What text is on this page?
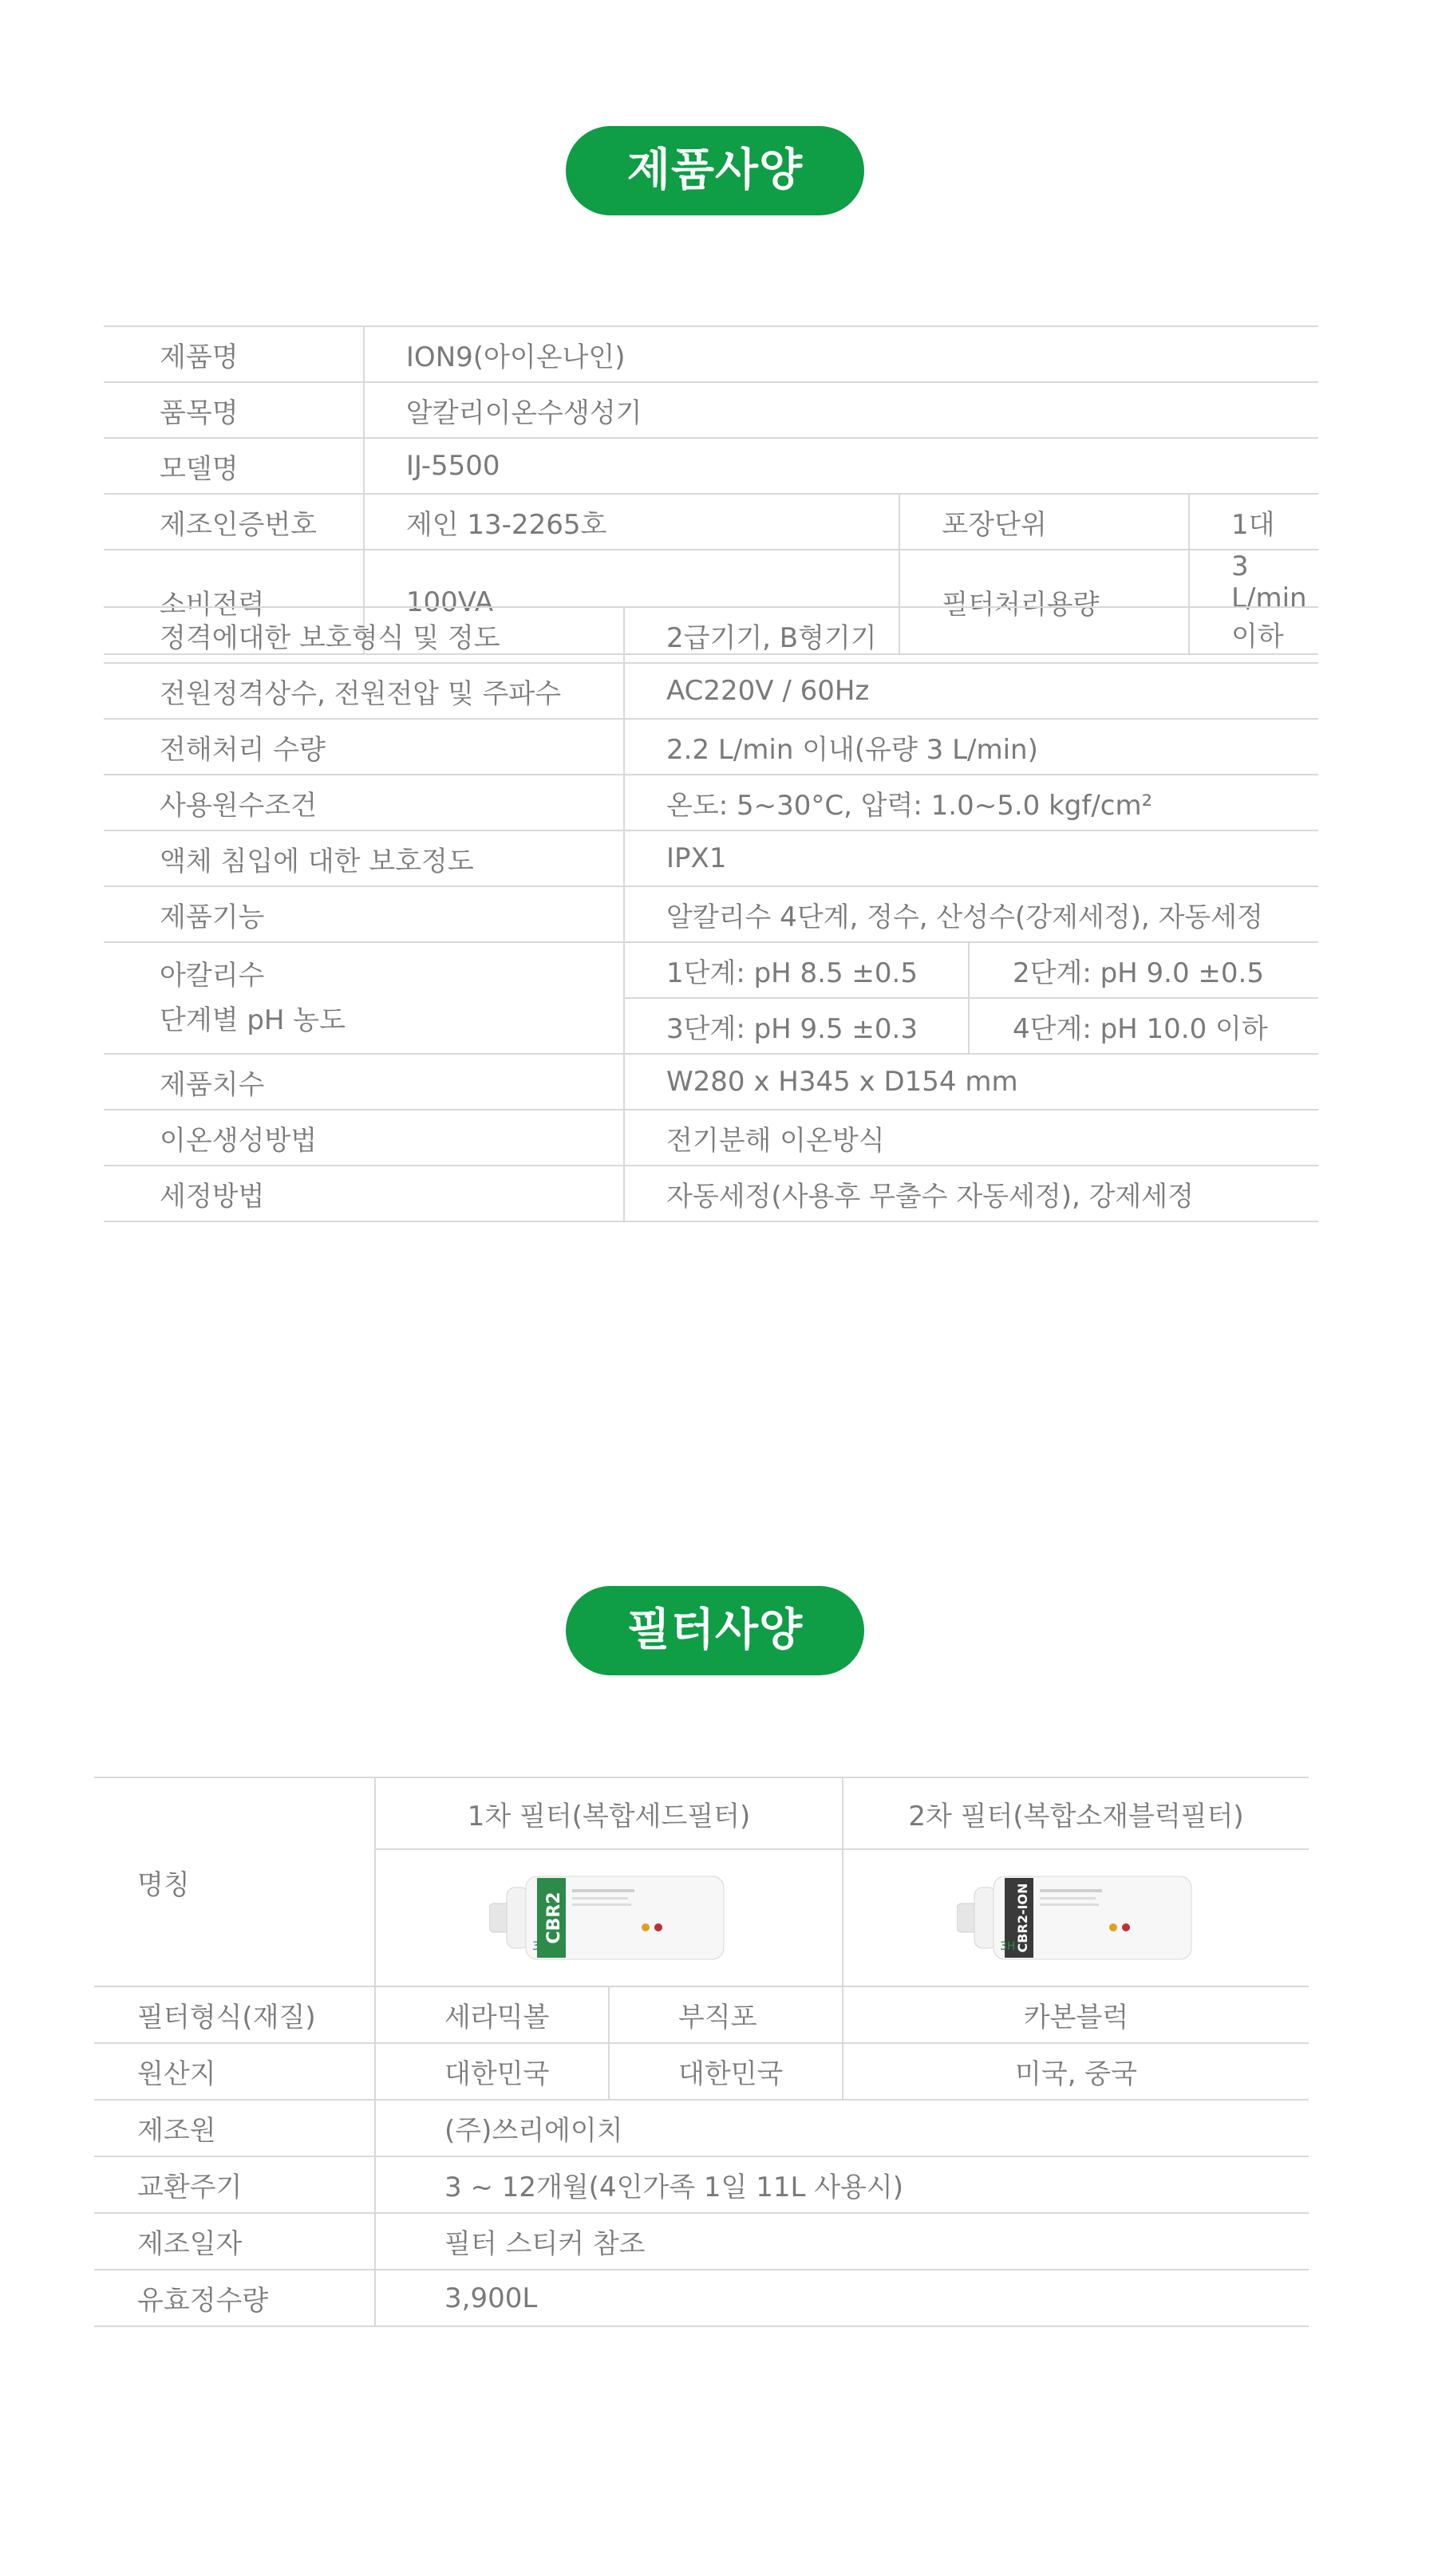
제품사양
제품명	ION9(아이온나인)		
품목명	알칼리이온수생성기		
모델명	IJ-5500		
제조인증번호	제인 13-2265호	포장단위	1대
소비전력	100VA	필터처리용량	3 L/min 이하
정격에대한 보호형식 및 정도	2급기기, B형기기	
전원정격상수, 전원전압 및 주파수	AC220V / 60Hz	
전해처리 수량	2.2 L/min 이내(유량 3 L/min)	
사용원수조건	온도: 5~30°C, 압력: 1.0~5.0 kgf/cm²	
액체 침입에 대한 보호정도	IPX1	
제품기능	알칼리수 4단계, 정수, 산성수(강제세정), 자동세정	

아칼리수
단계별 pH 농도	1단계: pH 8.5 ±0.5	2단계: pH 9.0 ±0.5
	3단계: pH 9.5 ±0.3	4단계: pH 10.0 이하
제품치수	W280 x H345 x D154 mm	
이온생성방법	전기분해 이온방식	
세정방법	자동세정(사용후 무출수 자동세정), 강제세정	
필터사양
명칭	1차 필터(복합세드필터)		2차 필터(복합소재블럭필터)

CBR2
3H		CBR2-ION
3H

필터형식(재질)	세라믹볼	부직포	카본블럭
원산지	대한민국	대한민국	미국, 중국
제조원	(주)쓰리에이치		
교환주기	3 ~ 12개월(4인가족 1일 11L 사용시)		
제조일자	필터 스티커 참조		
유효정수량	3,900L		
